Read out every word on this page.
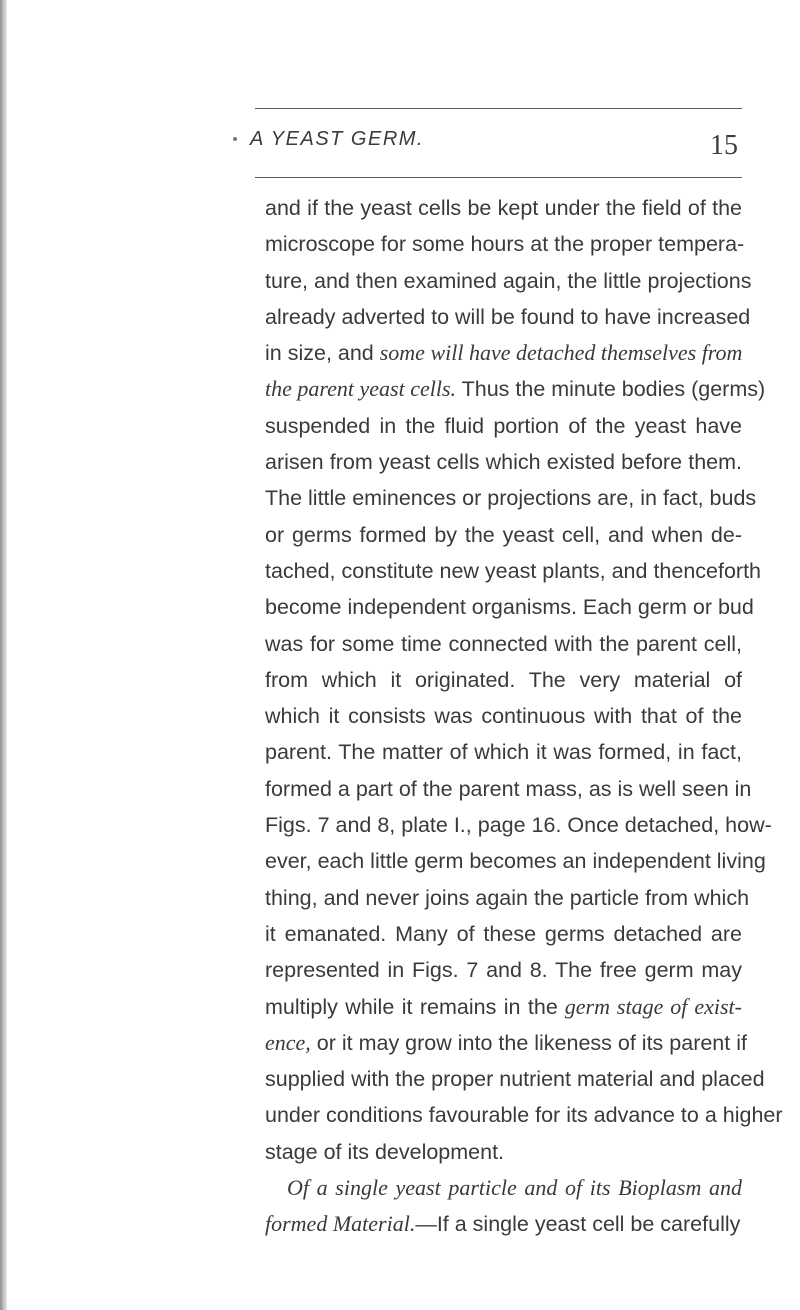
A YEAST GERM.	15
and if the yeast cells be kept under the field of the
microscope for some hours at the proper tempera-
ture, and then examined again, the little projections
already adverted to will be found to have increased
in size, and some will have detached themselves from
the parent yeast cells. Thus the minute bodies (germs)
suspended in the fluid portion of the yeast have
arisen from yeast cells which existed before them.
The little eminences or projections are, in fact, buds
or germs formed by the yeast cell, and when de-
tached, constitute new yeast plants, and thenceforth
become independent organisms. Each germ or bud
was for some time connected with the parent cell,
from which it originated. The very material of
which it consists was continuous with that of the
parent. The matter of which it was formed, in fact,
formed a part of the parent mass, as is well seen in
Figs. 7 and 8, plate I., page 16. Once detached, how-
ever, each little germ becomes an independent living
thing, and never joins again the particle from which
it emanated. Many of these germs detached are
represented in Figs. 7 and 8. The free germ may
multiply while it remains in the germ stage of exist-
ence, or it may grow into the likeness of its parent if
supplied with the proper nutrient material and placed
under conditions favourable for its advance to a higher
stage of its development.
Of a single yeast particle and of its Bioplasm and
formed Material.—If a single yeast cell be carefully
